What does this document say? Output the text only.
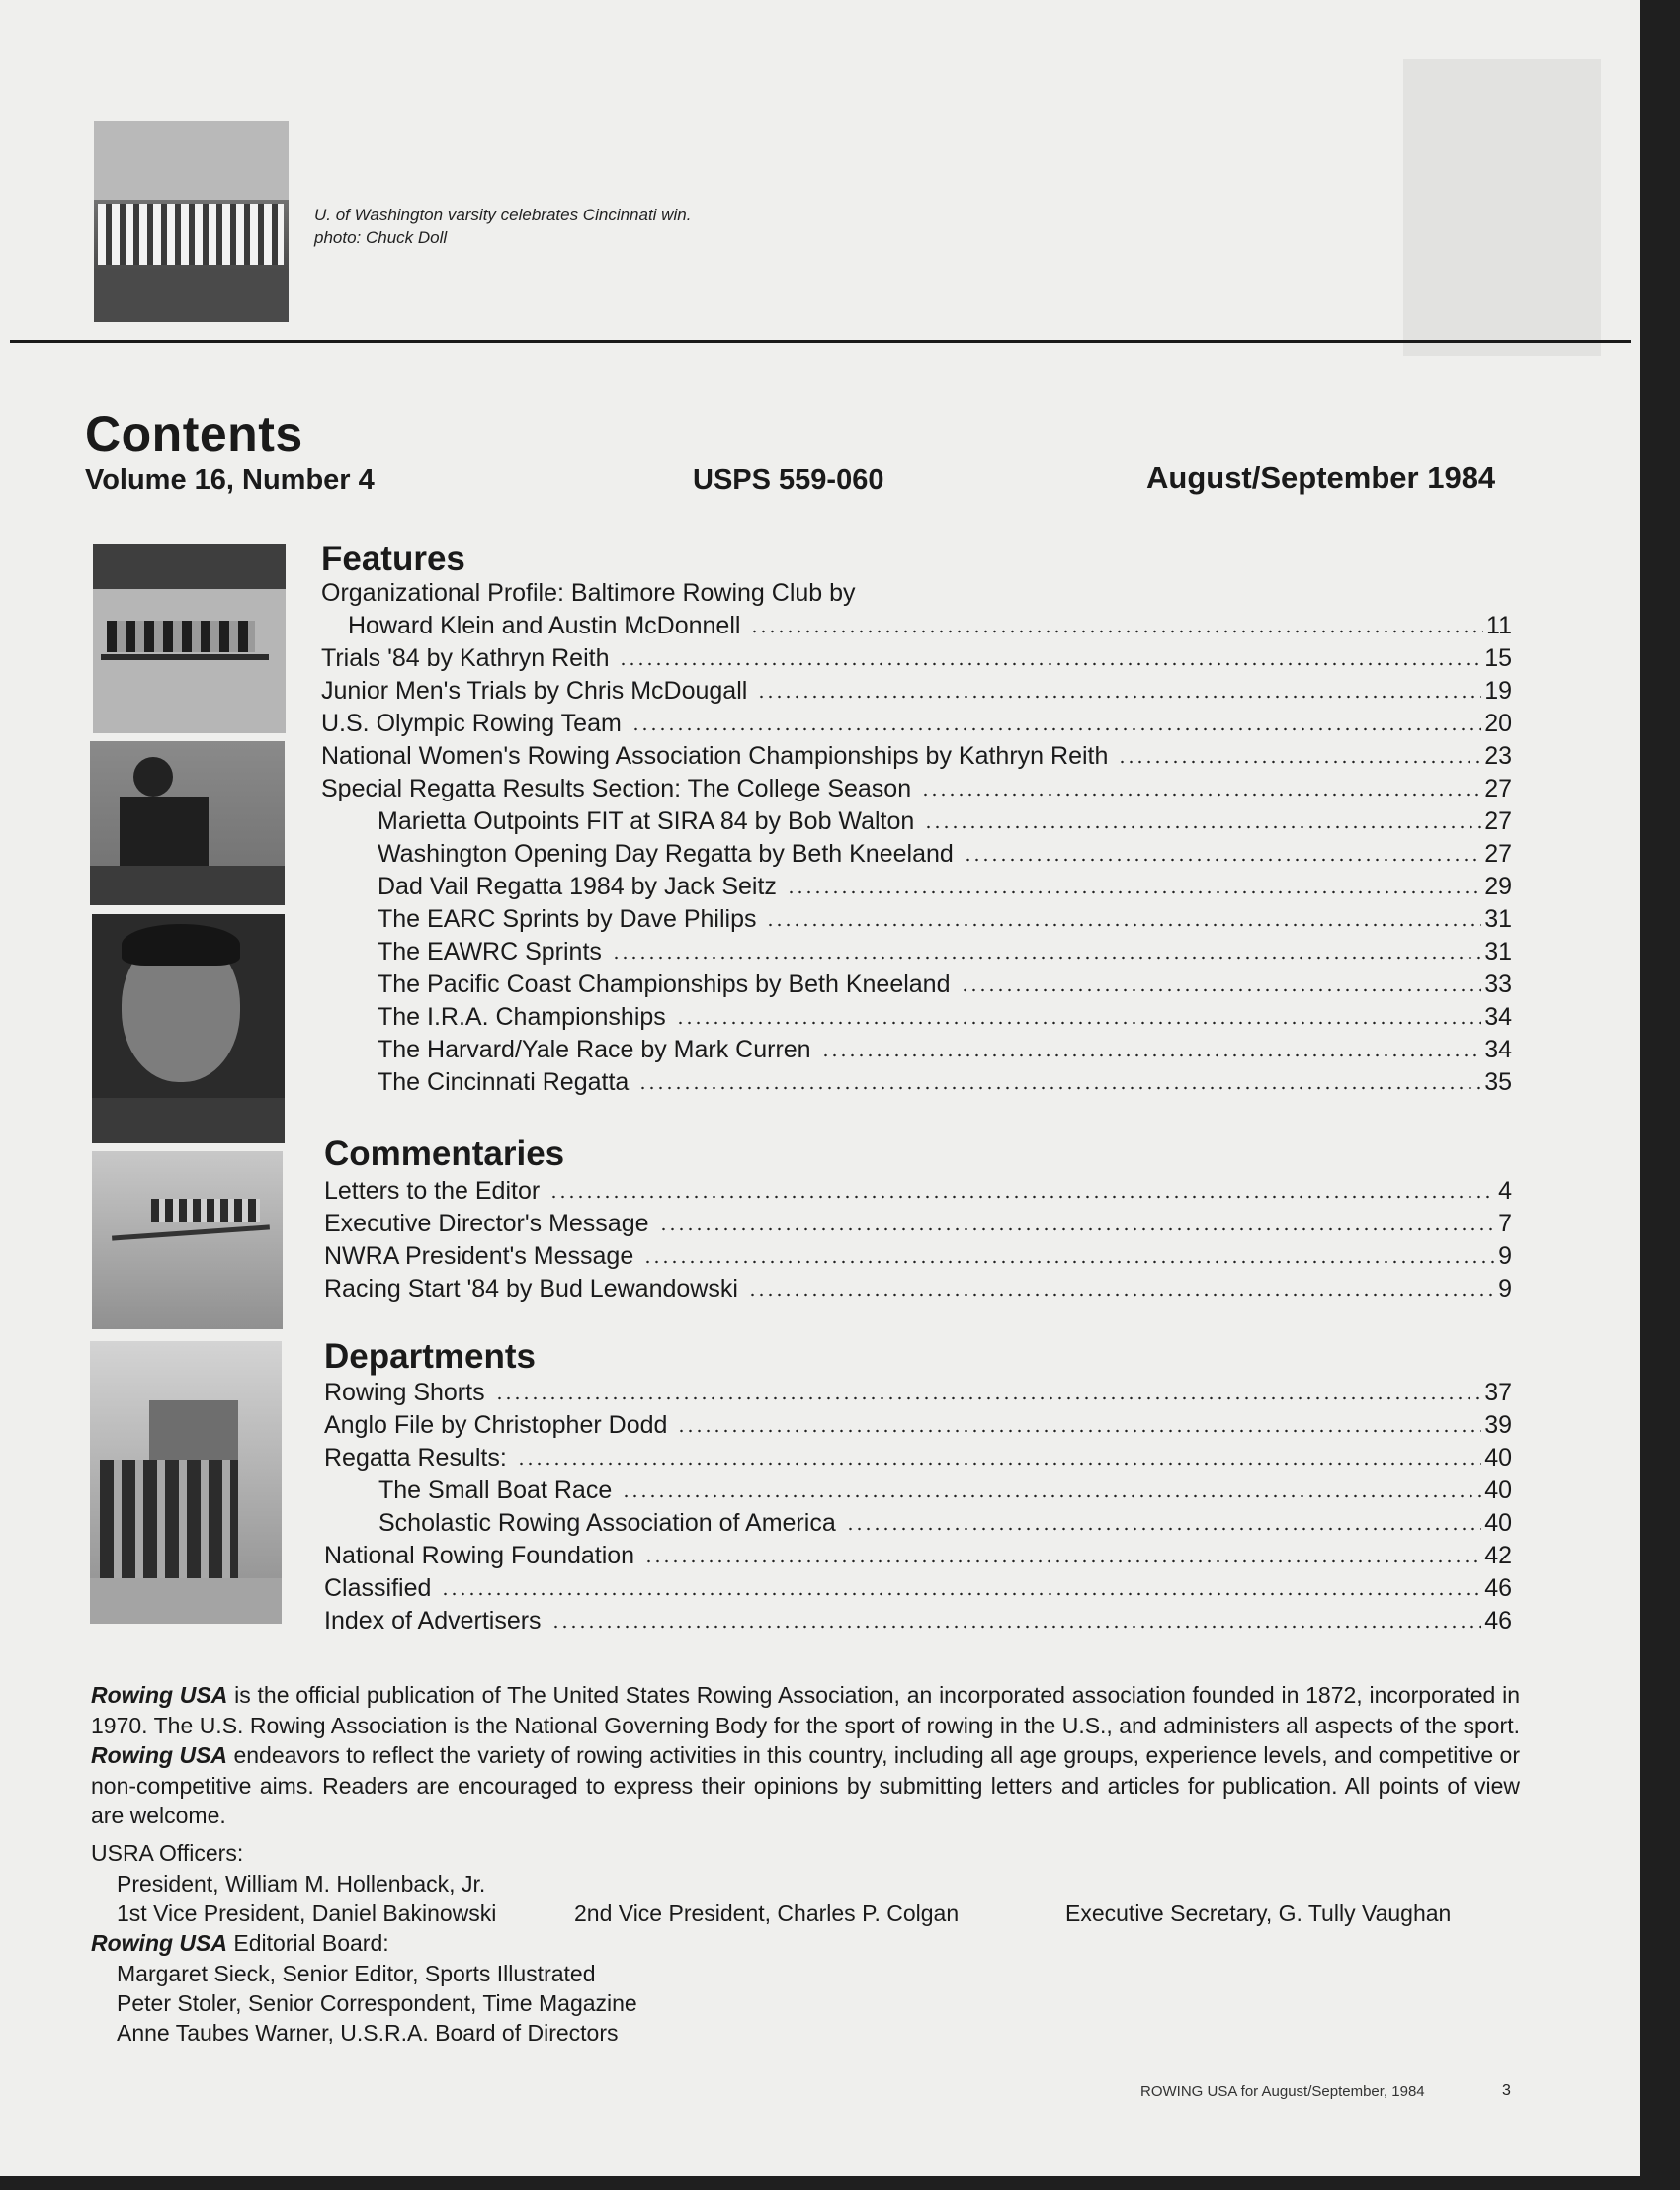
U. of Washington varsity celebrates Cincinnati win.
photo: Chuck Doll
Contents
Volume 16, Number 4	USPS 559-060	August/September 1984
Features
Organizational Profile: Baltimore Rowing Club by
Howard Klein and Austin McDonnell	11
Trials '84 by Kathryn Reith	15
Junior Men's Trials by Chris McDougall	19
U.S. Olympic Rowing Team	20
National Women's Rowing Association Championships by Kathryn Reith	23
Special Regatta Results Section: The College Season	27
Marietta Outpoints FIT at SIRA 84 by Bob Walton	27
Washington Opening Day Regatta by Beth Kneeland	27
Dad Vail Regatta 1984 by Jack Seitz	29
The EARC Sprints by Dave Philips	31
The EAWRC Sprints	31
The Pacific Coast Championships by Beth Kneeland	33
The I.R.A. Championships	34
The Harvard/Yale Race by Mark Curren	34
The Cincinnati Regatta	35
Commentaries
Letters to the Editor	4
Executive Director's Message	7
NWRA President's Message	9
Racing Start '84 by Bud Lewandowski	9
Departments
Rowing Shorts	37
Anglo File by Christopher Dodd	39
Regatta Results:	40
The Small Boat Race	40
Scholastic Rowing Association of America	40
National Rowing Foundation	42
Classified	46
Index of Advertisers	46
Rowing USA is the official publication of The United States Rowing Association, an incorporated association founded in 1872, incorporated in 1970. The U.S. Rowing Association is the National Governing Body for the sport of rowing in the U.S., and administers all aspects of the sport. Rowing USA endeavors to reflect the variety of rowing activities in this country, including all age groups, experience levels, and competitive or non-competitive aims. Readers are encouraged to express their opinions by submitting letters and articles for publication. All points of view are welcome.
USRA Officers:
President, William M. Hollenback, Jr.
1st Vice President, Daniel Bakinowski	2nd Vice President, Charles P. Colgan	Executive Secretary, G. Tully Vaughan
Rowing USA Editorial Board:
Margaret Sieck, Senior Editor, Sports Illustrated
Peter Stoler, Senior Correspondent, Time Magazine
Anne Taubes Warner, U.S.R.A. Board of Directors
ROWING USA for August/September, 1984	3
